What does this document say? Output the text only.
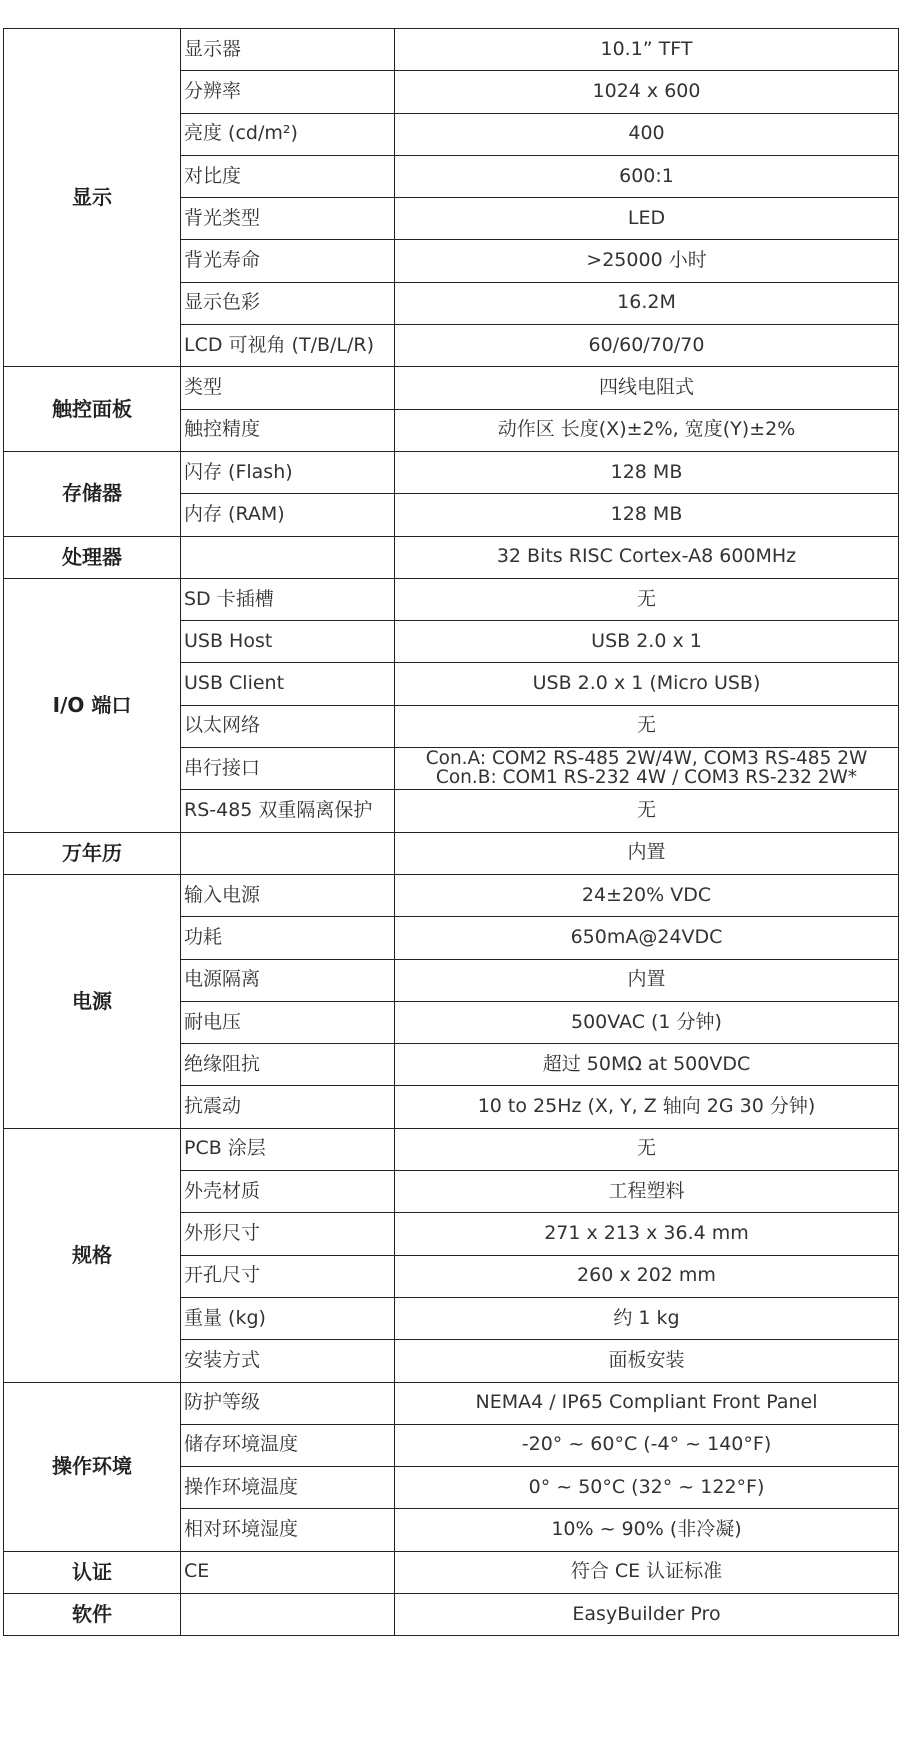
显示	显示器	10.1” TFT
	分辨率	1024 x 600
	亮度 (cd/m²)	400
	对比度	600:1
	背光类型	LED
	背光寿命	>25000 小时
	显示色彩	16.2M
	LCD 可视角 (T/B/L/R)	60/60/70/70
触控面板	类型	四线电阻式
	触控精度	动作区 长度(X)±2%, 宽度(Y)±2%
存储器	闪存 (Flash)	128 MB
	内存 (RAM)	128 MB
处理器		32 Bits RISC Cortex-A8 600MHz
I/O 端口	SD 卡插槽	无
	USB Host	USB 2.0 x 1
	USB Client	USB 2.0 x 1 (Micro USB)
	以太网络	无
	串行接口	Con.A: COM2 RS-485 2W/4W, COM3 RS-485 2W
Con.B: COM1 RS-232 4W / COM3 RS-232 2W*

	RS-485 双重隔离保护	无
万年历		内置
电源	输入电源	24±20% VDC
	功耗	650mA@24VDC
	电源隔离	内置
	耐电压	500VAC (1 分钟)
	绝缘阻抗	超过 50MΩ at 500VDC
	抗震动	10 to 25Hz (X, Y, Z 轴向 2G 30 分钟)
规格	PCB 涂层	无
	外壳材质	工程塑料
	外形尺寸	271 x 213 x 36.4 mm
	开孔尺寸	260 x 202 mm
	重量 (kg)	约 1 kg
	安装方式	面板安装
操作环境	防护等级	NEMA4 / IP65 Compliant Front Panel
	储存环境温度	-20° ~ 60°C (-4° ~ 140°F)
	操作环境温度	0° ~ 50°C (32° ~ 122°F)
	相对环境湿度	10% ~ 90% (非冷凝)
认证	CE	符合 CE 认证标准
软件		EasyBuilder Pro
